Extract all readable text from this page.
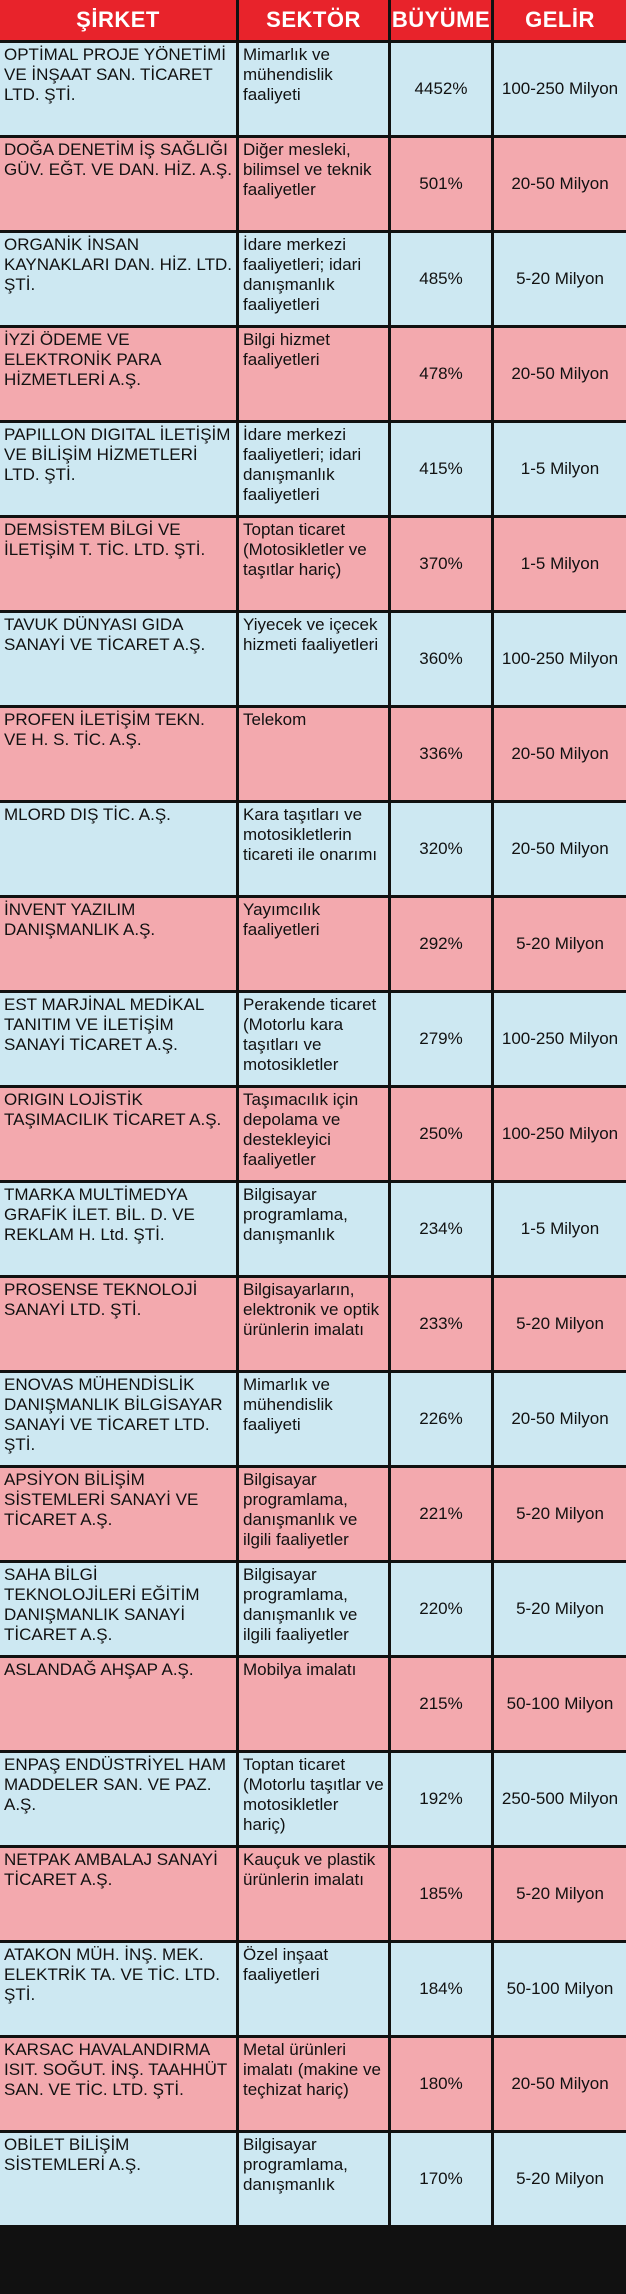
ŞİRKET	SEKTÖR	BÜYÜME	GELİR
OPTİMAL PROJE YÖNETİMİ VE İNŞAAT SAN. TİCARET LTD. ŞTİ.	Mimarlık ve mühendislik faaliyeti	4452%	100-250 Milyon
DOĞA DENETİM İŞ SAĞLIĞI GÜV. EĞT. VE DAN. HİZ. A.Ş.	Diğer mesleki, bilimsel ve teknik faaliyetler	501%	20-50 Milyon
ORGANİK İNSAN KAYNAKLARI DAN. HİZ. LTD. ŞTİ.	İdare merkezi faaliyetleri; idari danışmanlık faaliyetleri	485%	5-20 Milyon
İYZİ ÖDEME VE ELEKTRONİK PARA HİZMETLERİ A.Ş.	Bilgi hizmet faaliyetleri	478%	20-50 Milyon
PAPILLON DIGITAL İLETİŞİM VE BİLİŞİM HİZMETLERİ LTD. ŞTİ.	İdare merkezi faaliyetleri; idari danışmanlık faaliyetleri	415%	1-5 Milyon
DEMSİSTEM BİLGİ VE İLETİŞİM T. TİC. LTD. ŞTİ.	Toptan ticaret (Motosikletler ve taşıtlar hariç)	370%	1-5 Milyon
TAVUK DÜNYASI GIDA SANAYİ VE TİCARET A.Ş.	Yiyecek ve içecek hizmeti faaliyetleri	360%	100-250 Milyon
PROFEN İLETİŞİM TEKN. VE H. S. TİC. A.Ş.	Telekom	336%	20-50 Milyon
MLORD DIŞ TİC. A.Ş.	Kara taşıtları ve motosikletlerin ticareti ile onarımı	320%	20-50 Milyon
İNVENT YAZILIM DANIŞMANLIK A.Ş.	Yayımcılık faaliyetleri	292%	5-20 Milyon
EST MARJİNAL MEDİKAL TANITIM VE İLETİŞİM SANAYİ TİCARET A.Ş.	Perakende ticaret (Motorlu kara taşıtları ve motosikletler	279%	100-250 Milyon
ORIGIN LOJİSTİK TAŞIMACILIK TİCARET A.Ş.	Taşımacılık için depolama ve destekleyici faaliyetler	250%	100-250 Milyon
TMARKA MULTİMEDYA GRAFİK İLET. BİL. D. VE REKLAM H. Ltd. ŞTİ.	Bilgisayar programlama, danışmanlık	234%	1-5 Milyon
PROSENSE TEKNOLOJİ SANAYİ LTD. ŞTİ.	Bilgisayarların, elektronik ve optik ürünlerin imalatı	233%	5-20 Milyon
ENOVAS MÜHENDİSLİK DANIŞMANLIK BİLGİSAYAR SANAYİ VE TİCARET LTD. ŞTİ.	Mimarlık ve mühendislik faaliyeti	226%	20-50 Milyon
APSİYON BİLİŞİM SİSTEMLERİ SANAYİ VE TİCARET A.Ş.	Bilgisayar programlama, danışmanlık ve ilgili faaliyetler	221%	5-20 Milyon
SAHA BİLGİ TEKNOLOJİLERİ EĞİTİM DANIŞMANLIK SANAYİ TİCARET A.Ş.	Bilgisayar programlama, danışmanlık ve ilgili faaliyetler	220%	5-20 Milyon
ASLANDAĞ AHŞAP A.Ş.	Mobilya imalatı	215%	50-100 Milyon
ENPAŞ ENDÜSTRİYEL HAM MADDELER SAN. VE PAZ. A.Ş.	Toptan ticaret (Motorlu taşıtlar ve motosikletler hariç)	192%	250-500 Milyon
NETPAK AMBALAJ SANAYİ TİCARET A.Ş.	Kauçuk ve plastik ürünlerin imalatı	185%	5-20 Milyon
ATAKON MÜH. İNŞ. MEK. ELEKTRİK TA. VE TİC. LTD. ŞTİ.	Özel inşaat faaliyetleri	184%	50-100 Milyon
KARSAC HAVALANDIRMA ISIT. SOĞUT. İNŞ. TAAHHÜT SAN. VE TİC. LTD. ŞTİ.	Metal ürünleri imalatı (makine ve teçhizat hariç)	180%	20-50 Milyon
OBİLET BİLİŞİM SİSTEMLERİ A.Ş.	Bilgisayar programlama, danışmanlık	170%	5-20 Milyon
